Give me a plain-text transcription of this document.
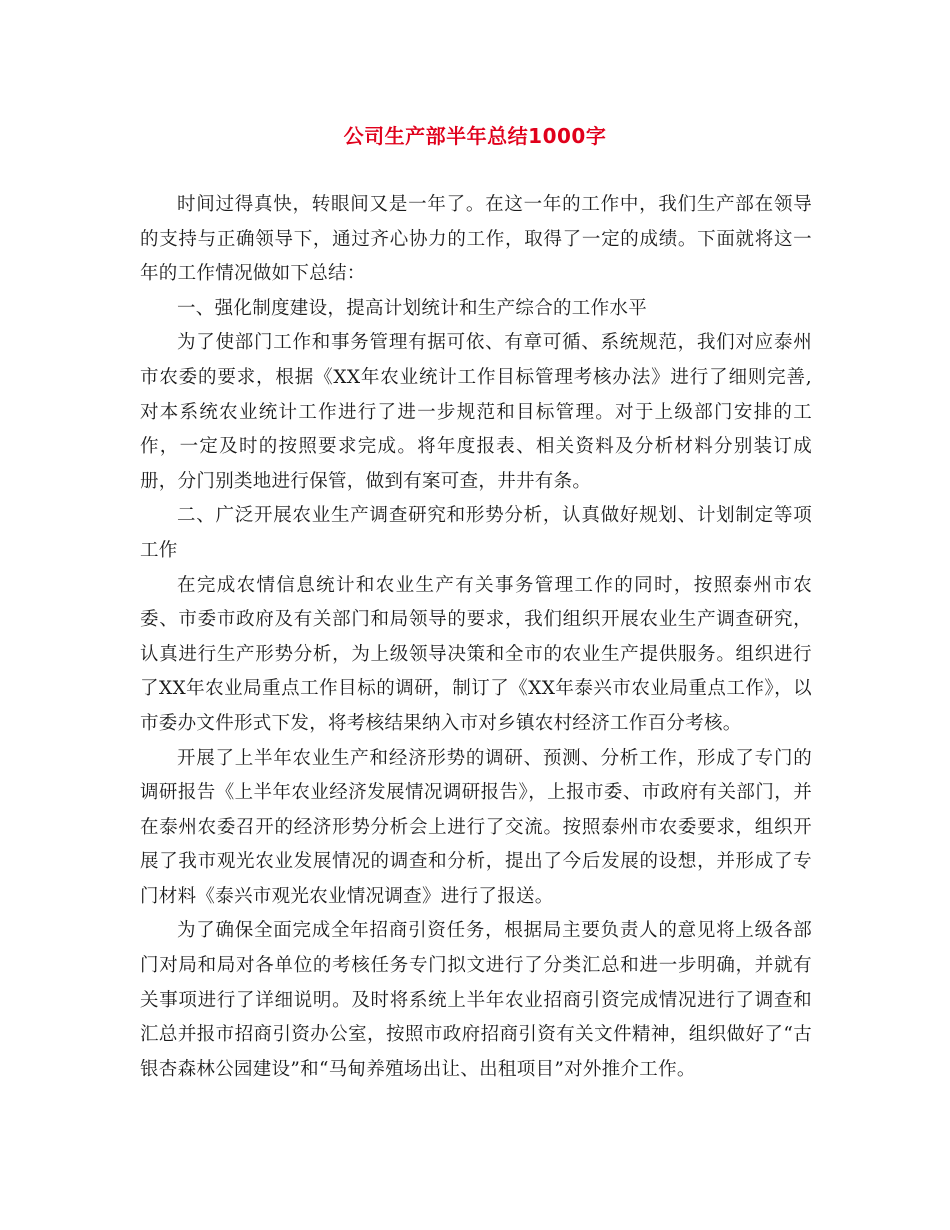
公司生产部半年总结1000字

时间过得真快，转眼间又是一年了。在这一年的工作中，我们生产部在领导的支持与正确领导下，通过齐心协力的工作，取得了一定的成绩。下面就将这一年的工作情况做如下总结：

一、强化制度建设，提高计划统计和生产综合的工作水平

为了使部门工作和事务管理有据可依、有章可循、系统规范，我们对应泰州市农委的要求，根据《XX年农业统计工作目标管理考核办法》进行了细则完善,对本系统农业统计工作进行了进一步规范和目标管理。对于上级部门安排的工作，一定及时的按照要求完成。将年度报表、相关资料及分析材料分别装订成册，分门别类地进行保管，做到有案可查，井井有条。

二、广泛开展农业生产调查研究和形势分析，认真做好规划、计划制定等项工作

在完成农情信息统计和农业生产有关事务管理工作的同时，按照泰州市农委、市委市政府及有关部门和局领导的要求，我们组织开展农业生产调查研究，认真进行生产形势分析，为上级领导决策和全市的农业生产提供服务。组织进行了XX年农业局重点工作目标的调研，制订了《XX年泰兴市农业局重点工作》，以市委办文件形式下发，将考核结果纳入市对乡镇农村经济工作百分考核。

开展了上半年农业生产和经济形势的调研、预测、分析工作，形成了专门的调研报告《上半年农业经济发展情况调研报告》，上报市委、市政府有关部门，并在泰州农委召开的经济形势分析会上进行了交流。按照泰州市农委要求，组织开展了我市观光农业发展情况的调查和分析，提出了今后发展的设想，并形成了专门材料《泰兴市观光农业情况调查》进行了报送。

为了确保全面完成全年招商引资任务，根据局主要负责人的意见将上级各部门对局和局对各单位的考核任务专门拟文进行了分类汇总和进一步明确，并就有关事项进行了详细说明。及时将系统上半年农业招商引资完成情况进行了调查和汇总并报市招商引资办公室，按照市政府招商引资有关文件精神，组织做好了“古银杏森林公园建设”和“马甸养殖场出让、出租项目”对外推介工作。
